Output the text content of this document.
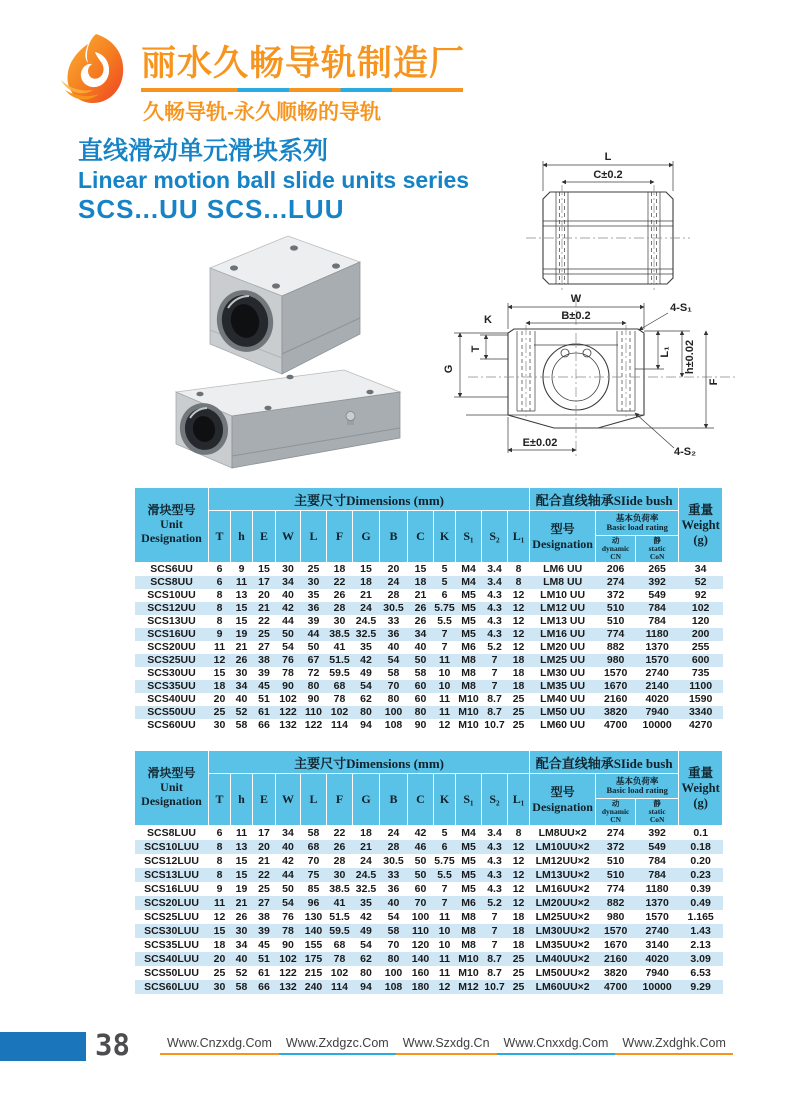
丽水久畅导轨制造厂
久畅导轨-永久顺畅的导轨
直线滑动单元滑块系列
Linear motion ball slide units series
SCS...UU SCS...LUU
L
C±0.2
W
B±0.2
K
G
T	L₁ h±0.02
F
E±0.02
4-S₁
4-S₂
滑块型号
Unit
Designation
	主要尺寸Dimensions (mm)	配合直线轴承SIide bush	
重量
Weight
(g)

T	h	E	W	L	F	G	B	C	K	S₁	S₂	L₁	型号
Designation

基本负荷率
Basic load rating

动
dynamic
CN

静
static
CoN

SCS6UU	6	9	15	30	25	18	15	20	15	5	M4	3.4	8	LM6 UU	206	265	34
SCS8UU	6	11	17	34	30	22	18	24	18	5	M4	3.4	8	LM8 UU	274	392	52
SCS10UU	8	13	20	40	35	26	21	28	21	6	M5	4.3	12	LM10 UU	372	549	92
SCS12UU	8	15	21	42	36	28	24	30.5	26	5.75	M5	4.3	12	LM12 UU	510	784	102
SCS13UU	8	15	22	44	39	30	24.5	33	26	5.5	M5	4.3	12	LM13 UU	510	784	120
SCS16UU	9	19	25	50	44	38.5	32.5	36	34	7	M5	4.3	12	LM16 UU	774	1180	200
SCS20UU	11	21	27	54	50	41	35	40	40	7	M6	5.2	12	LM20 UU	882	1370	255
SCS25UU	12	26	38	76	67	51.5	42	54	50	11	M8	7	18	LM25 UU	980	1570	600
SCS30UU	15	30	39	78	72	59.5	49	58	58	10	M8	7	18	LM30 UU	1570	2740	735
SCS35UU	18	34	45	90	80	68	54	70	60	10	M8	7	18	LM35 UU	1670	2140	1100
SCS40UU	20	40	51	102	90	78	62	80	60	11	M10	8.7	25	LM40 UU	2160	4020	1590
SCS50UU	25	52	61	122	110	102	80	100	80	11	M10	8.7	25	LM50 UU	3820	7940	3340
SCS60UU	30	58	66	132	122	114	94	108	90	12	M10	10.7	25	LM60 UU	4700	10000	4270
滑块型号
Unit
Designation
	主要尺寸Dimensions (mm)	配合直线轴承SIide bush	
重量
Weight
(g)

T	h	E	W	L	F	G	B	C	K	S₁	S₂	L₁	型号
Designation

基本负荷率
Basic load rating

动
dynamic
CN

静
static
CoN

SCS8LUU	6	11	17	34	58	22	18	24	42	5	M4	3.4	8	LM8UU×2	274	392	0.1
SCS10LUU	8	13	20	40	68	26	21	28	46	6	M5	4.3	12	LM10UU×2	372	549	0.18
SCS12LUU	8	15	21	42	70	28	24	30.5	50	5.75	M5	4.3	12	LM12UU×2	510	784	0.20
SCS13LUU	8	15	22	44	75	30	24.5	33	50	5.5	M5	4.3	12	LM13UU×2	510	784	0.23
SCS16LUU	9	19	25	50	85	38.5	32.5	36	60	7	M5	4.3	12	LM16UU×2	774	1180	0.39
SCS20LUU	11	21	27	54	96	41	35	40	70	7	M6	5.2	12	LM20UU×2	882	1370	0.49
SCS25LUU	12	26	38	76	130	51.5	42	54	100	11	M8	7	18	LM25UU×2	980	1570	1.165
SCS30LUU	15	30	39	78	140	59.5	49	58	110	10	M8	7	18	LM30UU×2	1570	2740	1.43
SCS35LUU	18	34	45	90	155	68	54	70	120	10	M8	7	18	LM35UU×2	1670	3140	2.13
SCS40LUU	20	40	51	102	175	78	62	80	140	11	M10	8.7	25	LM40UU×2	2160	4020	3.09
SCS50LUU	25	52	61	122	215	102	80	100	160	11	M10	8.7	25	LM50UU×2	3820	7940	6.53
SCS60LUU	30	58	66	132	240	114	94	108	180	12	M12	10.7	25	LM60UU×2	4700	10000	9.29
38	Www.Cnzxdg.Com	Www.Zxdgzc.Com	Www.Szxdg.Cn	Www.Cnxxdg.Com	Www.Zxdghk.Com
